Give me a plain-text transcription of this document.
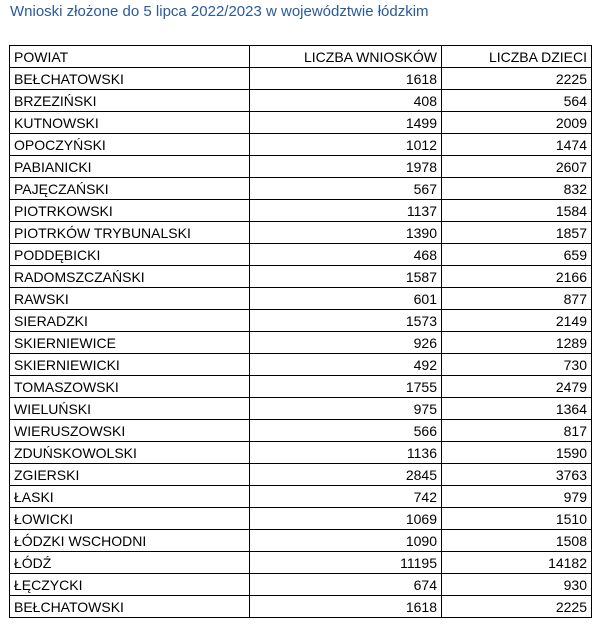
Wnioski złożone do 5 lipca 2022/2023 w województwie łódzkim
POWIAT	LICZBA WNIOSKÓW	LICZBA DZIECI
BEŁCHATOWSKI	1618	2225
BRZEZIŃSKI	408	564
KUTNOWSKI	1499	2009
OPOCZYŃSKI	1012	1474
PABIANICKI	1978	2607
PAJĘCZAŃSKI	567	832
PIOTRKOWSKI	1137	1584
PIOTRKÓW TRYBUNALSKI	1390	1857
PODDĘBICKI	468	659
RADOMSZCZAŃSKI	1587	2166
RAWSKI	601	877
SIERADZKI	1573	2149
SKIERNIEWICE	926	1289
SKIERNIEWICKI	492	730
TOMASZOWSKI	1755	2479
WIELUŃSKI	975	1364
WIERUSZOWSKI	566	817
ZDUŃSKOWOLSKI	1136	1590
ZGIERSKI	2845	3763
ŁASKI	742	979
ŁOWICKI	1069	1510
ŁÓDZKI WSCHODNI	1090	1508
ŁÓDŹ	11195	14182
ŁĘCZYCKI	674	930
BEŁCHATOWSKI	1618	2225
